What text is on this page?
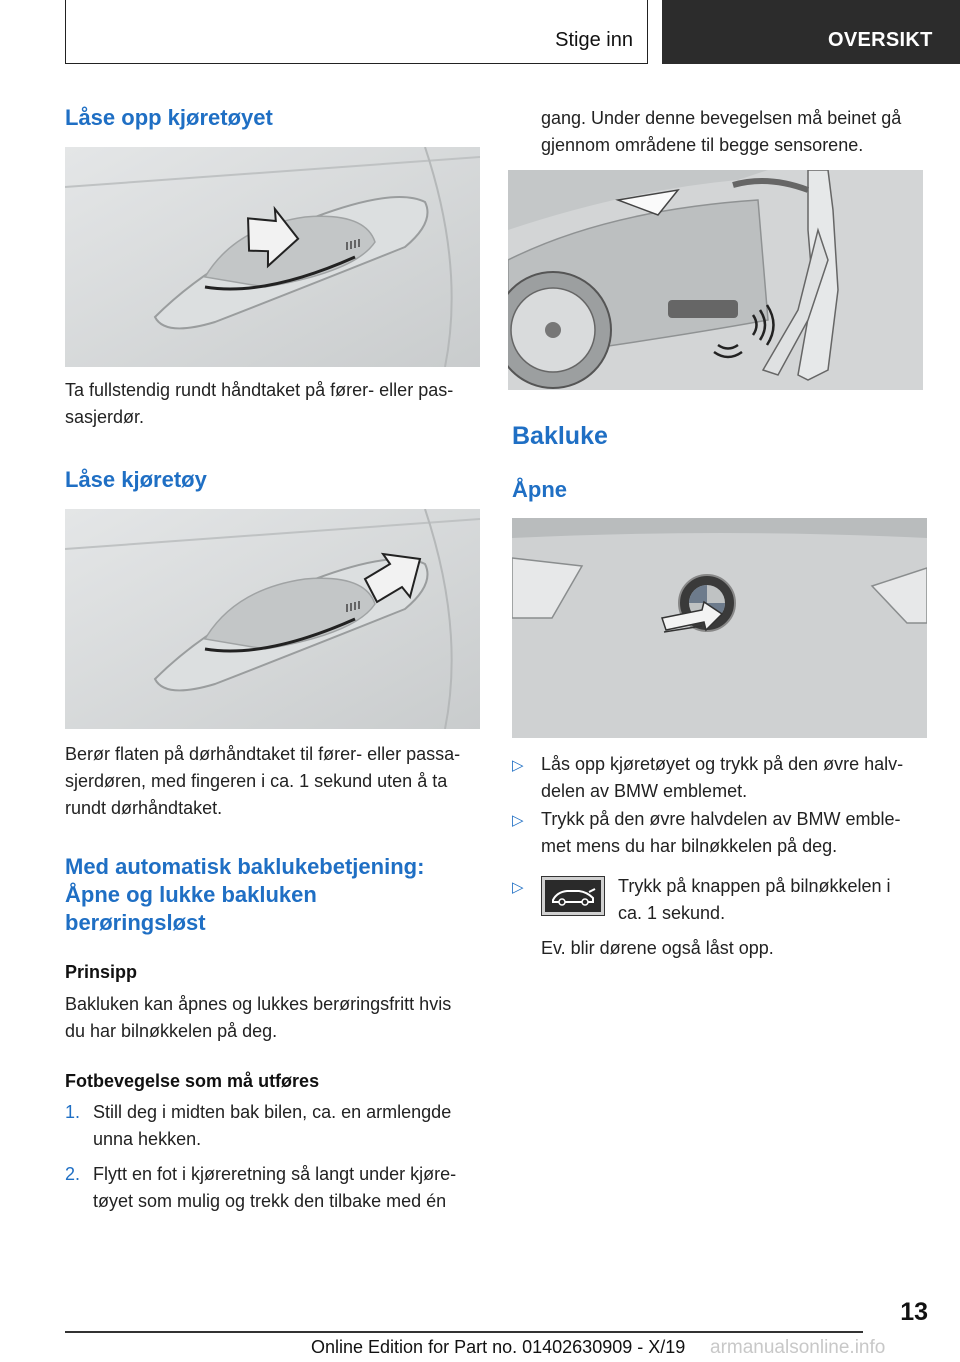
Stige inn	OVERSIKT
Låse opp kjøretøyet
Ta fullstendig rundt håndtaket på fører- eller pas-
sasjerdør.
Låse kjøretøy
Berør flaten på dørhåndtaket til fører- eller passa-
sjerdøren, med fingeren i ca. 1 sekund uten å ta
rundt dørhåndtaket.
Med automatisk baklukebetjening:
Åpne og lukke bakluken
berøringsløst
Prinsipp
Bakluken kan åpnes og lukkes berøringsfritt hvis
du har bilnøkkelen på deg.
Fotbevegelse som må utføres
1. Still deg i midten bak bilen, ca. en armlengde
unna hekken.
2. Flytt en fot i kjøreretning så langt under kjøre-
tøyet som mulig og trekk den tilbake med én
gang. Under denne bevegelsen må beinet gå
gjennom områdene til begge sensorene.
Bakluke
Åpne
▷ Lås opp kjøretøyet og trykk på den øvre halv-
delen av BMW emblemet.
▷ Trykk på den øvre halvdelen av BMW emble-
met mens du har bilnøkkelen på deg.
▷	Trykk på knappen på bilnøkkelen i
ca. 1 sekund.
Ev. blir dørene også låst opp.
13
Online Edition for Part no. 01402630909 - X/19 armanualsonline.info
